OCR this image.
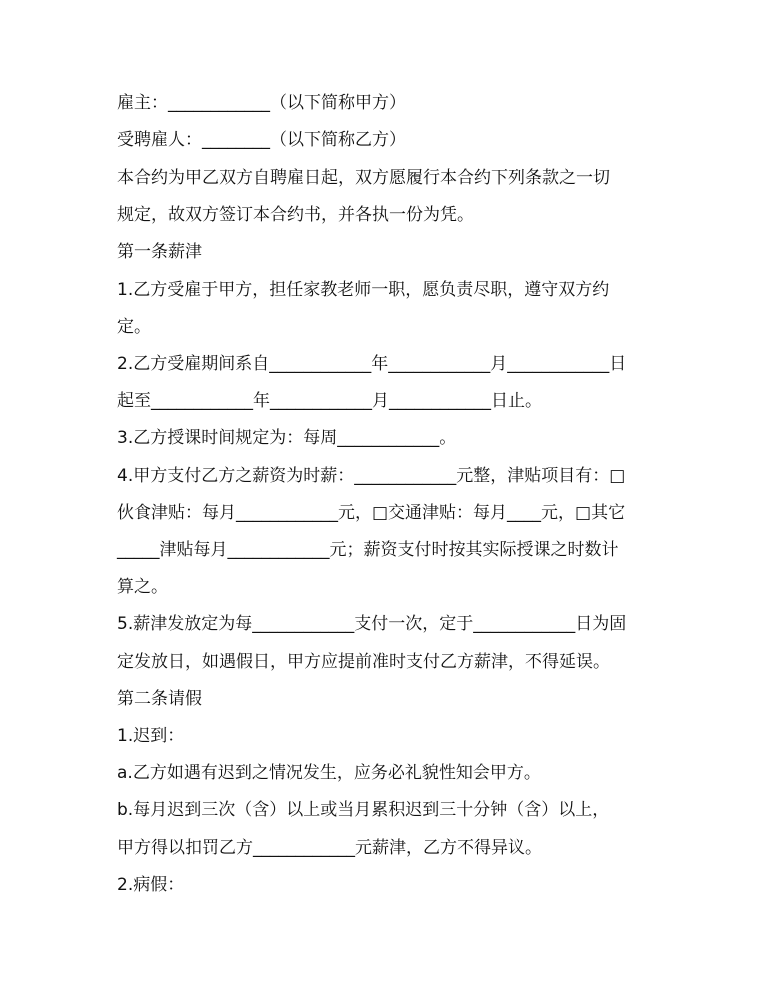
雇主：____________（以下简称甲方）
受聘雇人：________（以下简称乙方）
本合约为甲乙双方自聘雇日起，双方愿履行本合约下列条款之一切
规定，故双方签订本合约书，并各执一份为凭。
第一条薪津
1.乙方受雇于甲方，担任家教老师一职，愿负责尽职，遵守双方约
定。
2.乙方受雇期间系自____________年____________月____________日
起至____________年____________月____________日止。
3.乙方授课时间规定为：每周____________。
4.甲方支付乙方之薪资为时薪：____________元整，津贴项目有：□
伙食津贴：每月____________元，□交通津贴：每月____元，□其它
_____津贴每月____________元；薪资支付时按其实际授课之时数计
算之。
5.薪津发放定为每____________支付一次，定于____________日为固
定发放日，如遇假日，甲方应提前准时支付乙方薪津，不得延误。
第二条请假
1.迟到：
a.乙方如遇有迟到之情况发生，应务必礼貌性知会甲方。
b.每月迟到三次（含）以上或当月累积迟到三十分钟（含）以上，
甲方得以扣罚乙方____________元薪津，乙方不得异议。
2.病假：
